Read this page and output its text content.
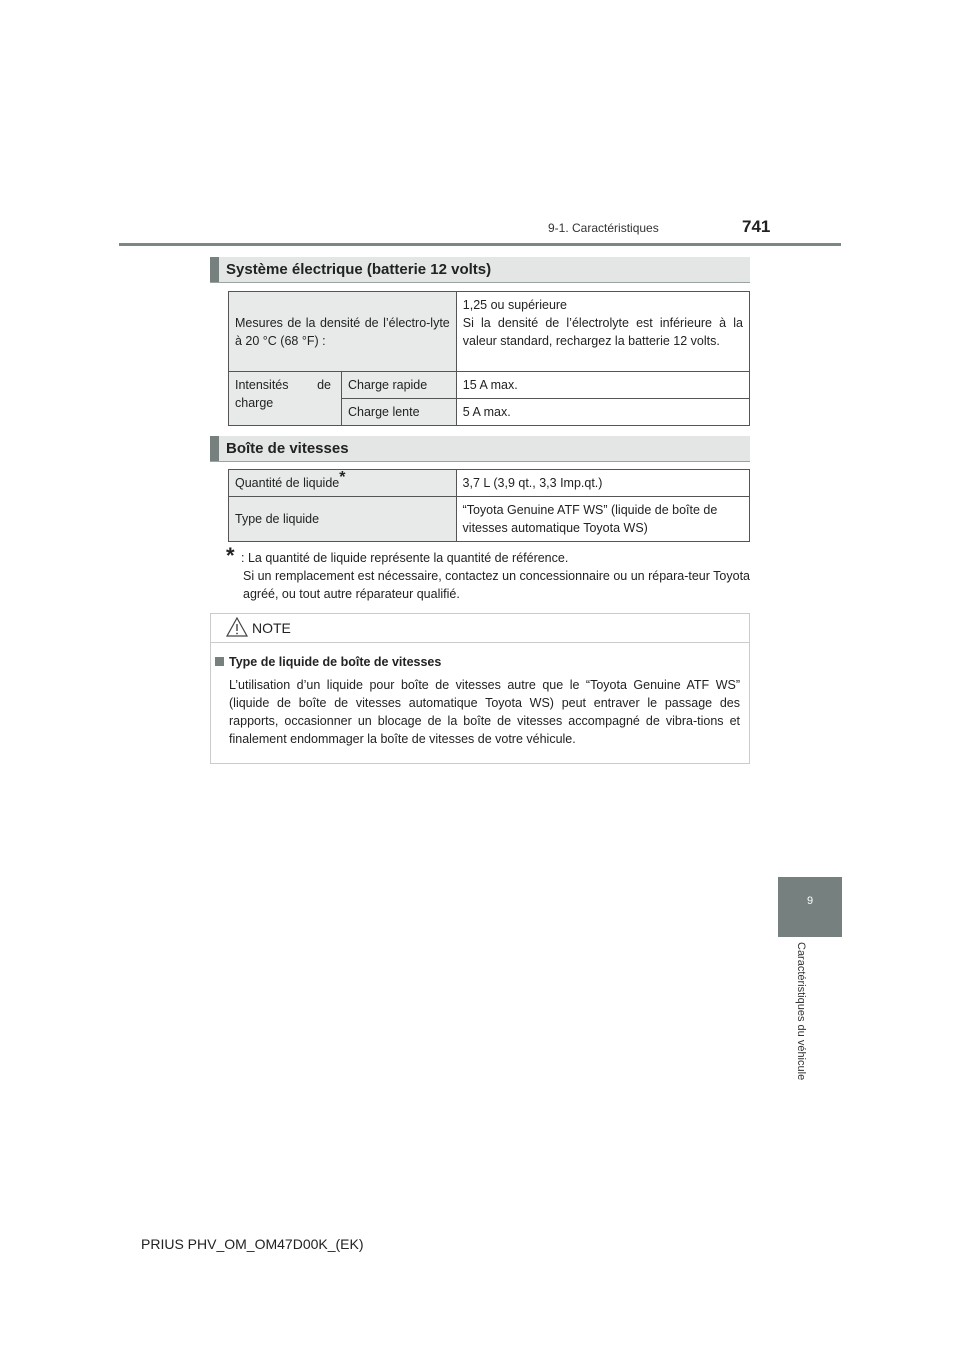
9-1. Caractéristiques	741
9
Caractéristiques du véhicule
Système électrique (batterie 12 volts)
Mesures de la densité de l’électro-lyte à 20 °C (68 °F) :		1,25 ou supérieure
Si la densité de l’électrolyte est inférieure à la valeur standard, rechargez la batterie 12 volts.

Intensités de charge	Charge rapide	15 A max.
	Charge lente	5 A max.
Boîte de vitesses
Quantité de liquide*	3,7 L (3,9 qt., 3,3 Imp.qt.)
Type de liquide	“Toyota Genuine ATF WS” (liquide de boîte de vitesses automatique Toyota WS)
* : La quantité de liquide représente la quantité de référence.
Si un remplacement est nécessaire, contactez un concessionnaire ou un répara-teur Toyota agréé, ou tout autre réparateur qualifié.
NOTE
Type de liquide de boîte de vitesses
L’utilisation d’un liquide pour boîte de vitesses autre que le “Toyota Genuine ATF WS” (liquide de boîte de vitesses automatique Toyota WS) peut entraver le passage des rapports, occasionner un blocage de la boîte de vitesses accompagné de vibra-tions et finalement endommager la boîte de vitesses de votre véhicule.
PRIUS PHV_OM_OM47D00K_(EK)
